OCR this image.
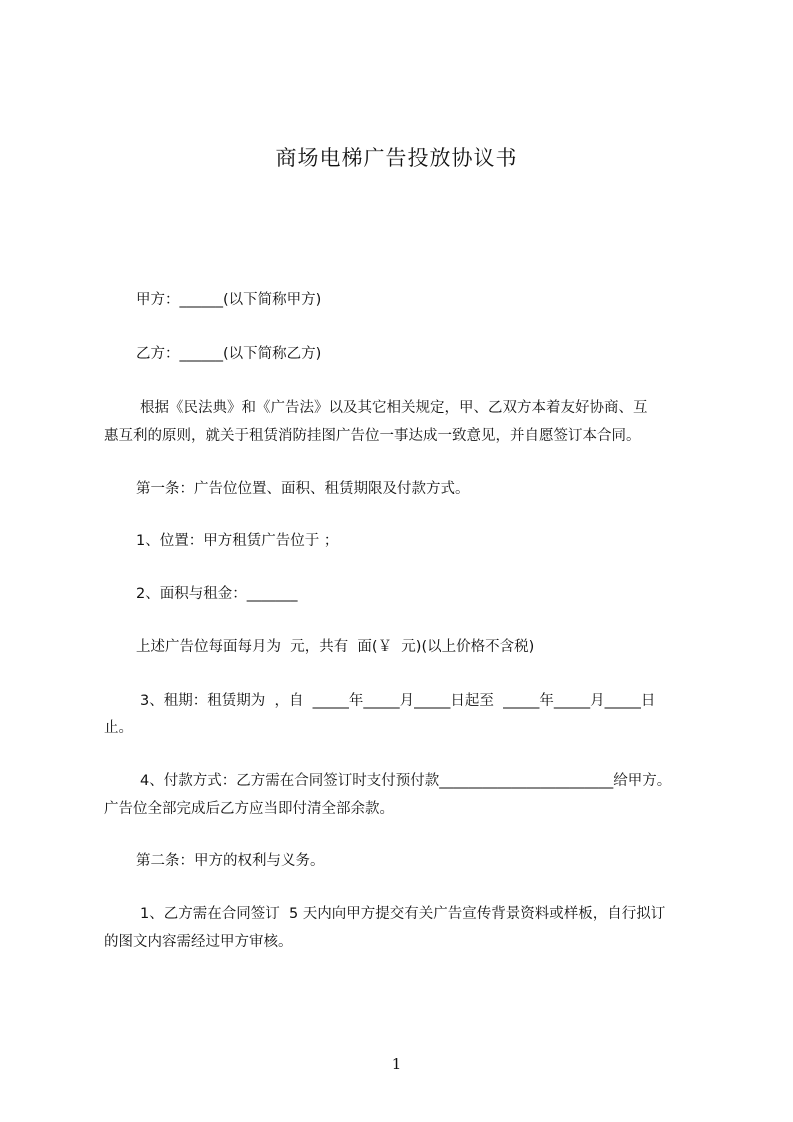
商场电梯广告投放协议书
甲方：______(以下简称甲方)
乙方：______(以下简称乙方)
根据《民法典》和《广告法》以及其它相关规定，甲、乙双方本着友好协商、互
惠互利的原则，就关于租赁消防挂图广告位一事达成一致意见，并自愿签订本合同。
第一条：广告位位置、面积、租赁期限及付款方式。
1、位置：甲方租赁广告位于 ；
2、面积与租金：_______
上述广告位每面每月为  元，共有  面(￥  元)(以上价格不含税)
3、租期：租赁期为  ，自  _____年_____月_____日起至  _____年_____月_____日
止。
4、付款方式：乙方需在合同签订时支付预付款________________________给甲方。
广告位全部完成后乙方应当即付清全部余款。
第二条：甲方的权利与义务。
1、乙方需在合同签订  5 天内向甲方提交有关广告宣传背景资料或样板，自行拟订
的图文内容需经过甲方审核。
1
